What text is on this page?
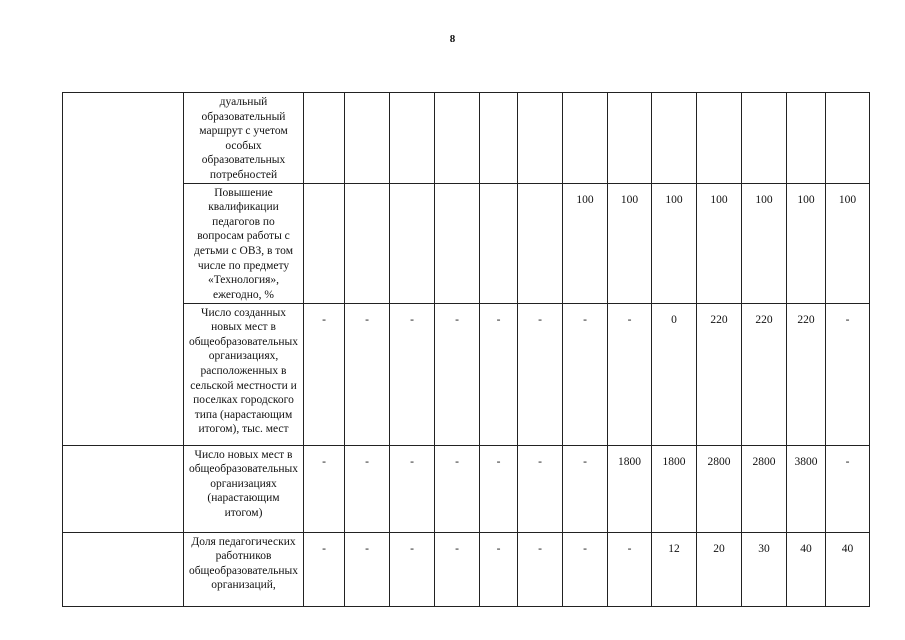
8
	дуальный образовательный маршрут с учетом особых образовательных потребностей													
	Повышение квалификации педагогов по вопросам работы с детьми с ОВЗ, в том числе по предмету «Технология», ежегодно, %							100	100	100	100	100	100	100
	Число созданных новых мест в общеобразовательных организациях, расположенных в сельской местности и поселках городского типа (нарастающим итогом), тыс. мест	-	-	-	-	-	-	-	-	0	220	220	220	-
	Число новых мест в общеобразовательных организациях (нарастающим итогом)	-	-	-	-	-	-	-	1800	1800	2800	2800	3800	-
	Доля педагогических работников общеобразовательных организаций,	-	-	-	-	-	-	-	-	12	20	30	40	40
